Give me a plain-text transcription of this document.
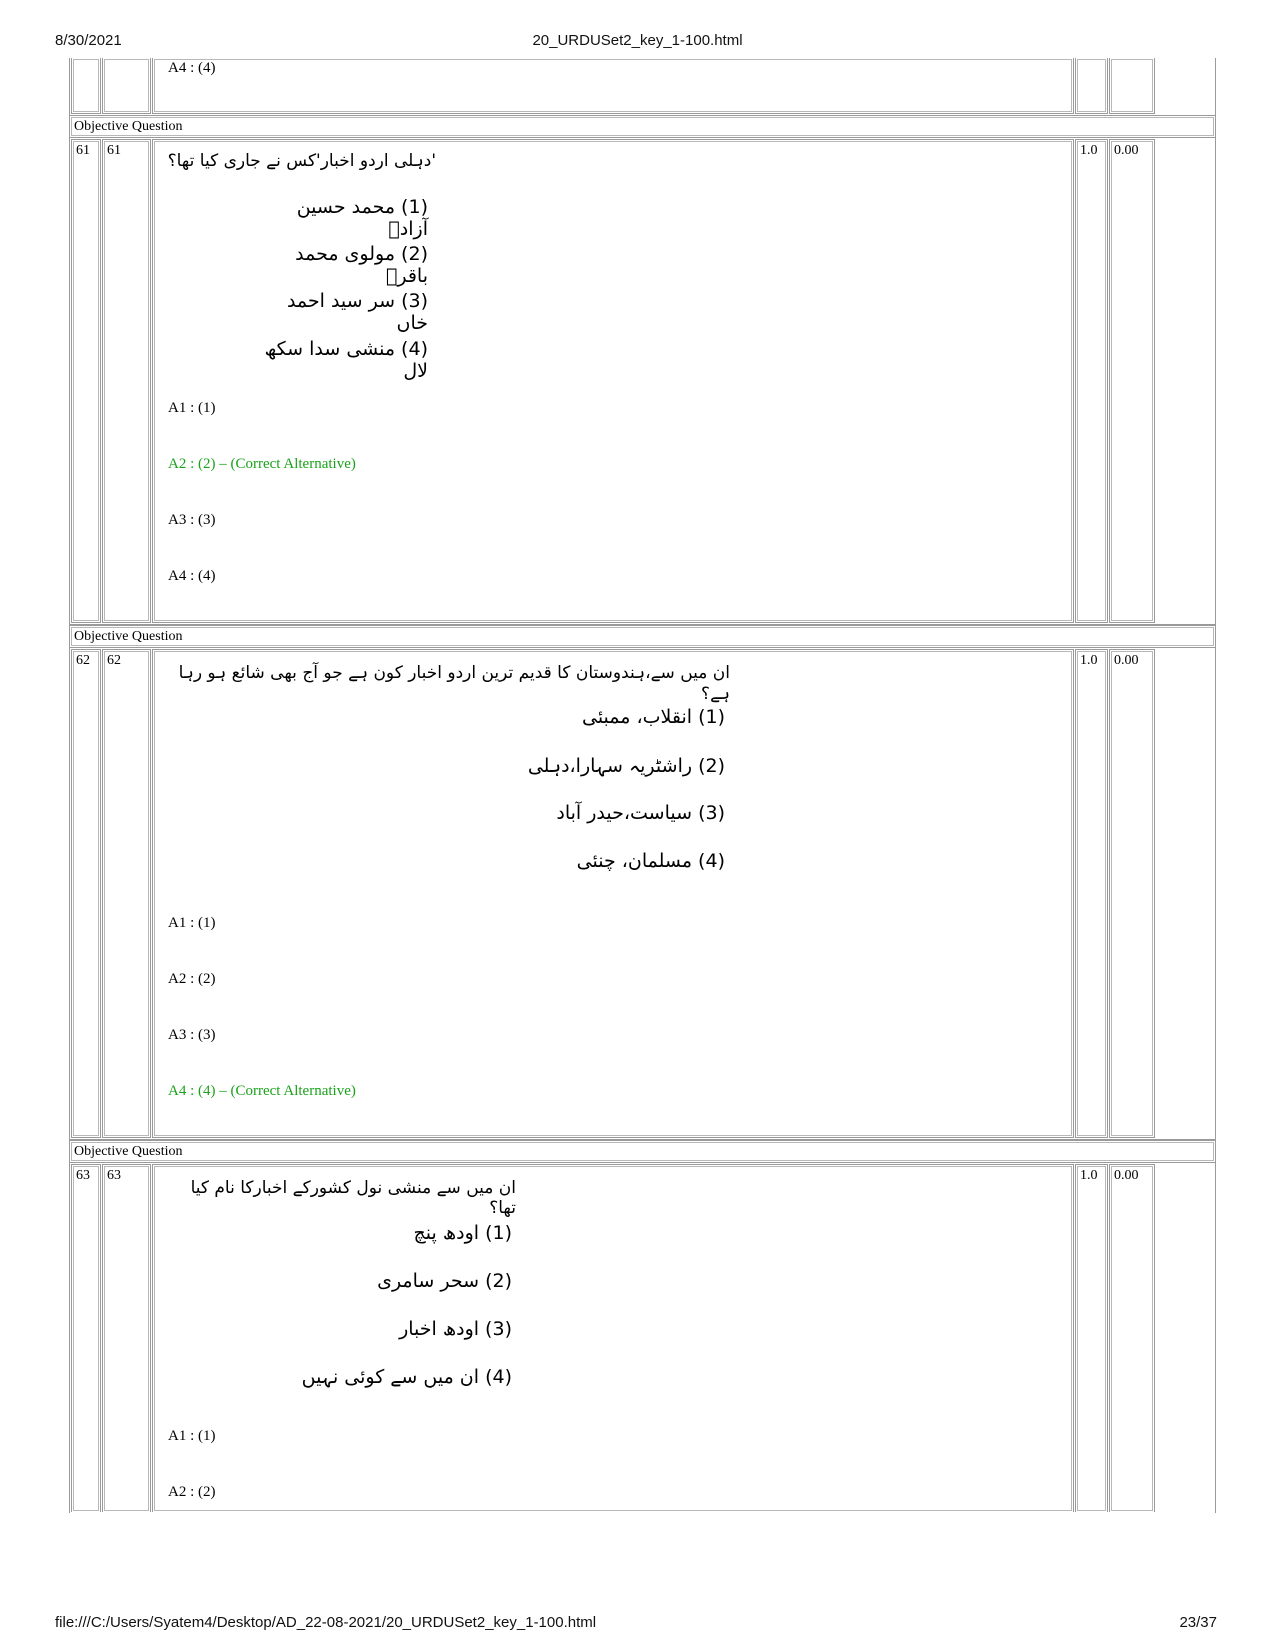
8/30/2021	20_URDUSet2_key_1-100.html
A4 : (4)
Objective Question
61	61	1.0	0.00
'دہلی اردو اخبار'کس نے جاری کیا تھا؟
(1) محمد حسین آزادؔ
(2) مولوی محمد باقرؔ
(3) سر سید احمد خاں
(4) منشی سدا سکھ لال
A1 : (1)
A2 : (2) – (Correct Alternative)
A3 : (3)
A4 : (4)
Objective Question
62	62	1.0	0.00
ان میں سے،ہندوستان کا قدیم ترین اردو اخبار کون ہے جو آج بھی شائع ہو رہا ہے؟
(1) انقلاب، ممبئی
(2) راشٹریہ سہارا،دہلی
(3) سیاست،حیدر آباد
(4) مسلمان، چنئی
A1 : (1)
A2 : (2)
A3 : (3)
A4 : (4) – (Correct Alternative)
Objective Question
63	63	1.0	0.00
ان میں سے منشی نول کشورکے اخبارکا نام کیا تھا؟
(1) اودھ پنچ
(2) سحر سامری
(3) اودھ اخبار
(4) ان میں سے کوئی نہیں
A1 : (1)
A2 : (2)
file:///C:/Users/Syatem4/Desktop/AD_22-08-2021/20_URDUSet2_key_1-100.html	23/37
